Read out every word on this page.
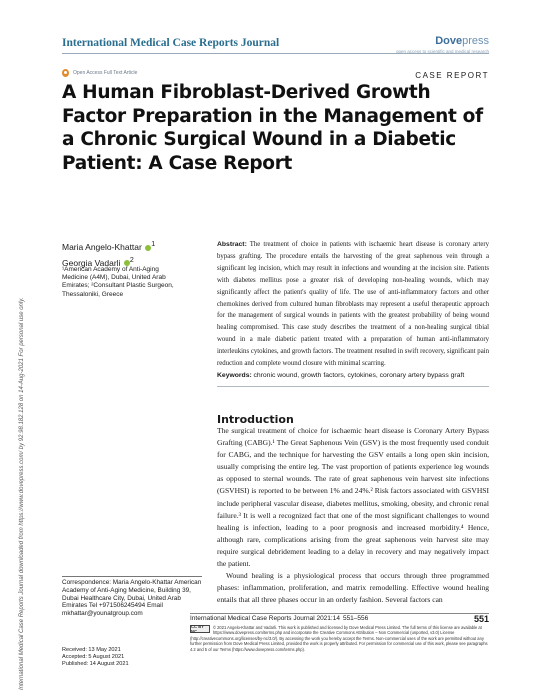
International Medical Case Reports Journal	Dovepress
open access to scientific and medical research
Open Access Full Text Article	CASE REPORT
A Human Fibroblast-Derived Growth Factor Preparation in the Management of a Chronic Surgical Wound in a Diabetic Patient: A Case Report
Maria Angelo-Khattar $^1$
Georgia Vadarli $^2$
¹American Academy of Anti-Aging Medicine (A4M), Dubai, United Arab Emirates; ²Consultant Plastic Surgeon, Thessaloniki, Greece
Abstract: The treatment of choice in patients with ischaemic heart disease is coronary artery bypass grafting. The procedure entails the harvesting of the great saphenous vein through a significant leg incision, which may result in infections and wounding at the incision site. Patients with diabetes mellitus pose a greater risk of developing non-healing wounds, which may significantly affect the patient's quality of life. The use of anti-inflammatory factors and other chemokines derived from cultured human fibroblasts may represent a useful therapeutic approach for the management of surgical wounds in patients with the greatest probability of being wound healing compromised. This case study describes the treatment of a non-healing surgical tibial wound in a male diabetic patient treated with a preparation of human anti-inflammatory interleukins cytokines, and growth factors. The treatment resulted in swift recovery, significant pain reduction and complete wound closure with minimal scarring.
Keywords: chronic wound, growth factors, cytokines, coronary artery bypass graft
Introduction

The surgical treatment of choice for ischaemic heart disease is Coronary Artery Bypass Grafting (CABG).¹ The Great Saphenous Vein (GSV) is the most frequently used conduit for CABG, and the technique for harvesting the GSV entails a long open skin incision, usually comprising the entire leg. The vast proportion of patients experience leg wounds as opposed to sternal wounds. The rate of great saphenous vein harvest site infections (GSVHSI) is reported to be between 1% and 24%.² Risk factors associated with GSVHSI include peripheral vascular disease, diabetes mellitus, smoking, obesity, and chronic renal failure.³ It is well a recognized fact that one of the most significant challenges to wound healing is infection, leading to a poor prognosis and increased morbidity.⁴ Hence, although rare, complications arising from the great saphenous vein harvest site may require surgical debridement leading to a delay in recovery and may negatively impact the patient.

Wound healing is a physiological process that occurs through three programmed phases: inflammation, proliferation, and matrix remodelling. Effective wound healing entails that all three phases occur in an orderly fashion. Several factors can

Correspondence: Maria Angelo-Khattar American Academy of Anti-Aging Medicine, Building 39, Dubai Healthcare City, Dubai, United Arab Emirates Tel +971506245494 Email mkhattar@younatgroup.com
Received: 13 May 2021
Accepted: 5 August 2021
Published: 14 August 2021
International Medical Case Reports Journal 2021:14 551–556	551
CC BY NC
© 2021 Angelo-Khattar and Vadarli. This work is published and licensed by Dove Medical Press Limited. The full terms of this license are available at https://www.dovepress.com/terms.php and incorporate the Creative Commons Attribution – Non Commercial (unported, v3.0) License (http://creativecommons.org/licenses/by-nc/3.0/). By accessing the work you hereby accept the Terms. Non-commercial uses of the work are permitted without any further permission from Dove Medical Press Limited, provided the work is properly attributed. For permission for commercial use of this work, please see paragraphs 4.2 and 5 of our Terms (https://www.dovepress.com/terms.php).
International Medical Case Reports Journal downloaded from https://www.dovepress.com/ by 92.98.182.128 on 14-Aug-2021 For personal use only.
